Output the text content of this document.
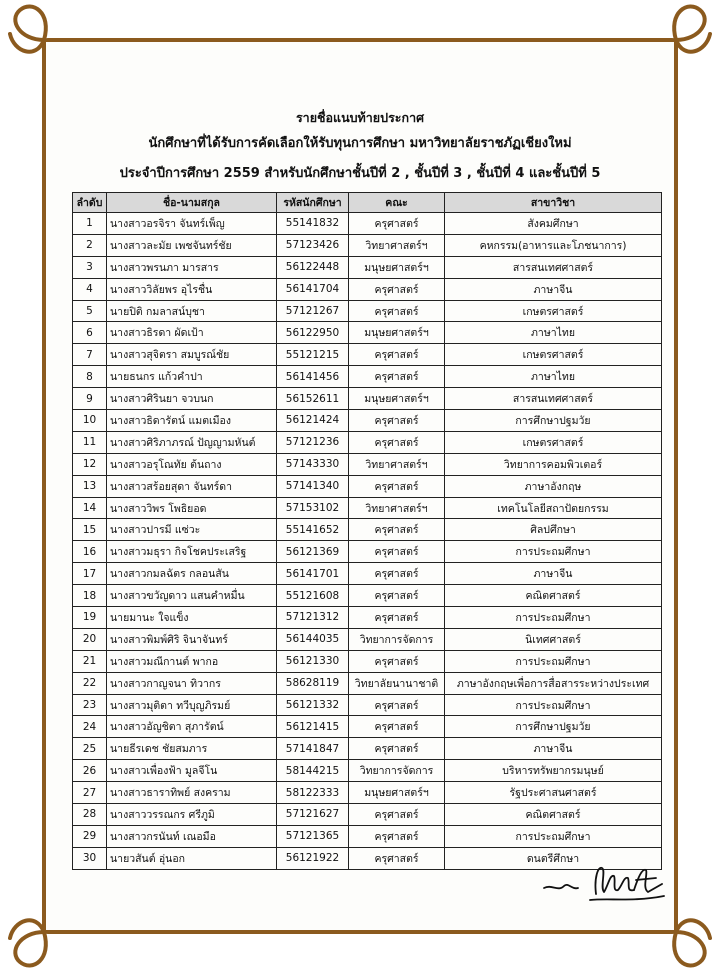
รายชื่อแนบท้ายประกาศ
นักศึกษาที่ได้รับการคัดเลือกให้รับทุนการศึกษา มหาวิทยาลัยราชภัฏเชียงใหม่
ประจำปีการศึกษา 2559 สำหรับนักศึกษาชั้นปีที่ 2 , ชั้นปีที่ 3 , ชั้นปีที่ 4 และชั้นปีที่ 5
ลำดับ	ชื่อ-นามสกุล	รหัสนักศึกษา	คณะ	สาขาวิชา
1	นางสาวอรจิรา จันทร์เพ็ญ	55141832	ครุศาสตร์	สังคมศึกษา
2	นางสาวละมัย เพชจันทร์ชัย	57123426	วิทยาศาสตร์ฯ	คหกรรม(อาหารและโภชนาการ)
3	นางสาวพรนภา มารสาร	56122448	มนุษยศาสตร์ฯ	สารสนเทศศาสตร์
4	นางสาววิลัยพร อุไรชื่น	56141704	ครุศาสตร์	ภาษาจีน
5	นายปิติ กมลาสน์บุชา	57121267	ครุศาสตร์	เกษตรศาสตร์
6	นางสาวธิรดา ผัดเป้า	56122950	มนุษยศาสตร์ฯ	ภาษาไทย
7	นางสาวสุจิตรา สมบูรณ์ชัย	55121215	ครุศาสตร์	เกษตรศาสตร์
8	นายธนกร แก้วคำปา	56141456	ครุศาสตร์	ภาษาไทย
9	นางสาวศิรินยา จวบนก	56152611	มนุษยศาสตร์ฯ	สารสนเทศศาสตร์
10	นางสาวธิดารัตน์ แมตเมือง	56121424	ครุศาสตร์	การศึกษาปฐมวัย
11	นางสาวศิริภาภรณ์ ปัญญามหันต์	57121236	ครุศาสตร์	เกษตรศาสตร์
12	นางสาวอรุโณทัย ต้นถาง	57143330	วิทยาศาสตร์ฯ	วิทยาการคอมพิวเตอร์
13	นางสาวสร้อยสุดา จันทร์ดา	57141340	ครุศาสตร์	ภาษาอังกฤษ
14	นางสาววิพร โพธิยอด	57153102	วิทยาศาสตร์ฯ	เทคโนโลยีสถาปัตยกรรม
15	นางสาวปารมี แซ่วะ	55141652	ครุศาสตร์	ศิลปศึกษา
16	นางสาวมธุรา กิจโชคประเสริฐ	56121369	ครุศาสตร์	การประถมศึกษา
17	นางสาวกมลฉัตร กลอนสัน	56141701	ครุศาสตร์	ภาษาจีน
18	นางสาวขวัญดาว แสนคำหมื่น	55121608	ครุศาสตร์	คณิตศาสตร์
19	นายมานะ ใจแข็ง	57121312	ครุศาสตร์	การประถมศึกษา
20	นางสาวพิมพ์ศิริ จินาจันทร์	56144035	วิทยาการจัดการ	นิเทศศาสตร์
21	นางสาวมณีกานต์ พากอ	56121330	ครุศาสตร์	การประถมศึกษา
22	นางสาวกาญจนา ทิวากร	58628119	วิทยาลัยนานาชาติ	ภาษาอังกฤษเพื่อการสื่อสารระหว่างประเทศ
23	นางสาวมุติตา ทวีบุญภิรมย์	56121332	ครุศาสตร์	การประถมศึกษา
24	นางสาวอัญชิตา สุภารัตน์	56121415	ครุศาสตร์	การศึกษาปฐมวัย
25	นายธีรเดช ชัยสมภาร	57141847	ครุศาสตร์	ภาษาจีน
26	นางสาวเพื่องฟ้า มูลจีโน	58144215	วิทยาการจัดการ	บริหารทรัพยากรมนุษย์
27	นางสาวธาราทิพย์ สงคราม	58122333	มนุษยศาสตร์ฯ	รัฐประศาสนศาสตร์
28	นางสาววรรณกร ศรีภูมิ	57121627	ครุศาสตร์	คณิตศาสตร์
29	นางสาวกรนันท์ เณอมือ	57121365	ครุศาสตร์	การประถมศึกษา
30	นายวสันต์ อุ่นอก	56121922	ครุศาสตร์	ดนตรีศึกษา
